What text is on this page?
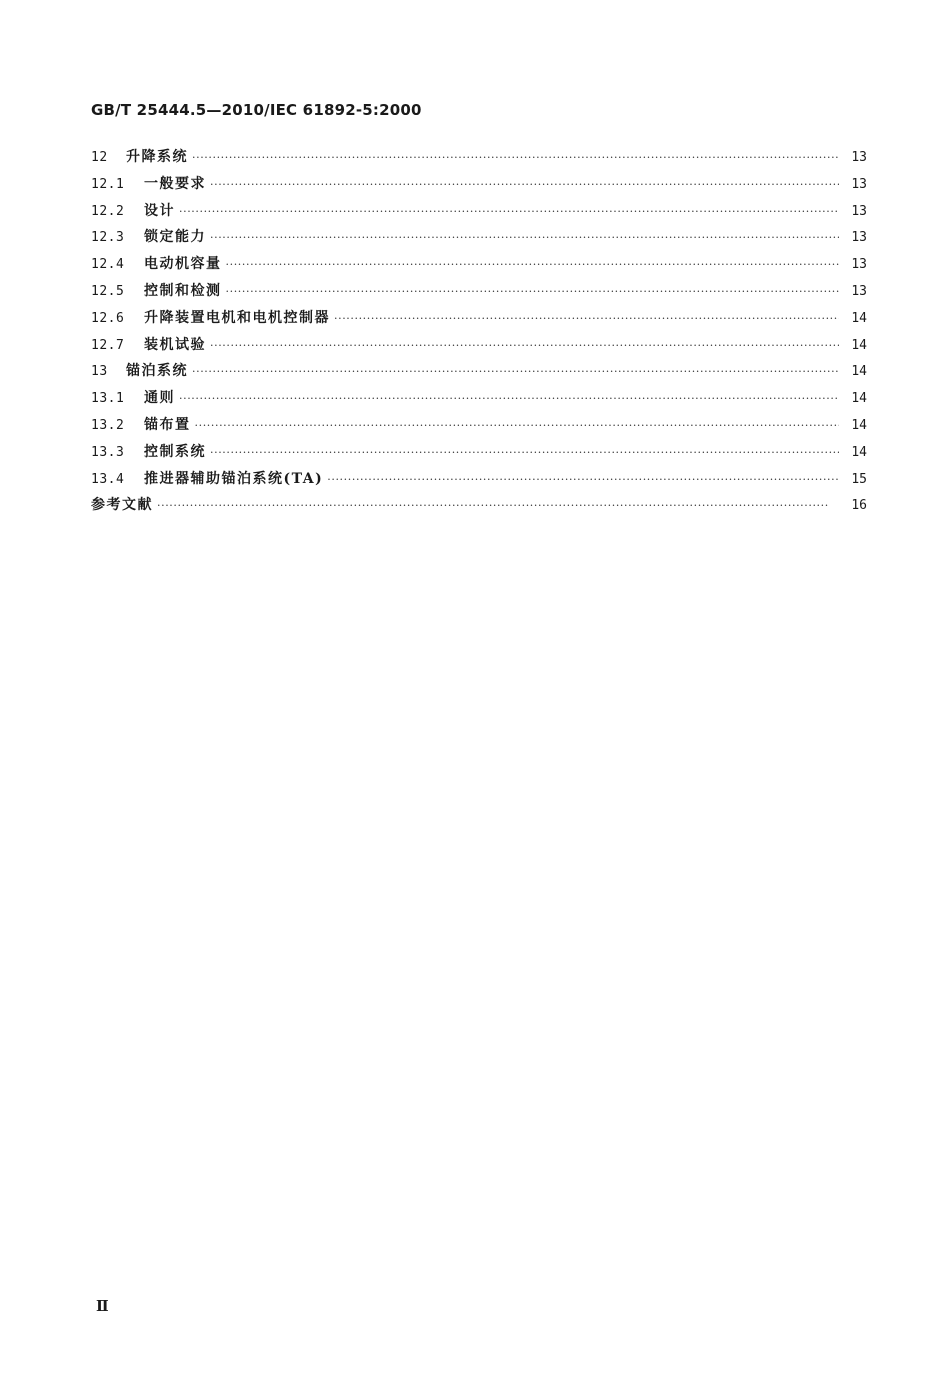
GB/T 25444.5—2010/IEC 61892-5:2000
12	升降系统 ·····	13
12.1	一般要求 ·····	13
12.2	设计 ·····	13
12.3	锁定能力 ·····	13
12.4	电动机容量 ·····	13
12.5	控制和检测 ·····	13
12.6	升降装置电机和电机控制器 ·····	14
12.7	装机试验 ·····	14
13	锚泊系统 ·····	14
13.1	通则 ·····	14
13.2	锚布置 ·····	14
13.3	控制系统 ·····	14
13.4	推进器辅助锚泊系统(TA) ·····	15
参考文献 ·····	16
Ⅱ
